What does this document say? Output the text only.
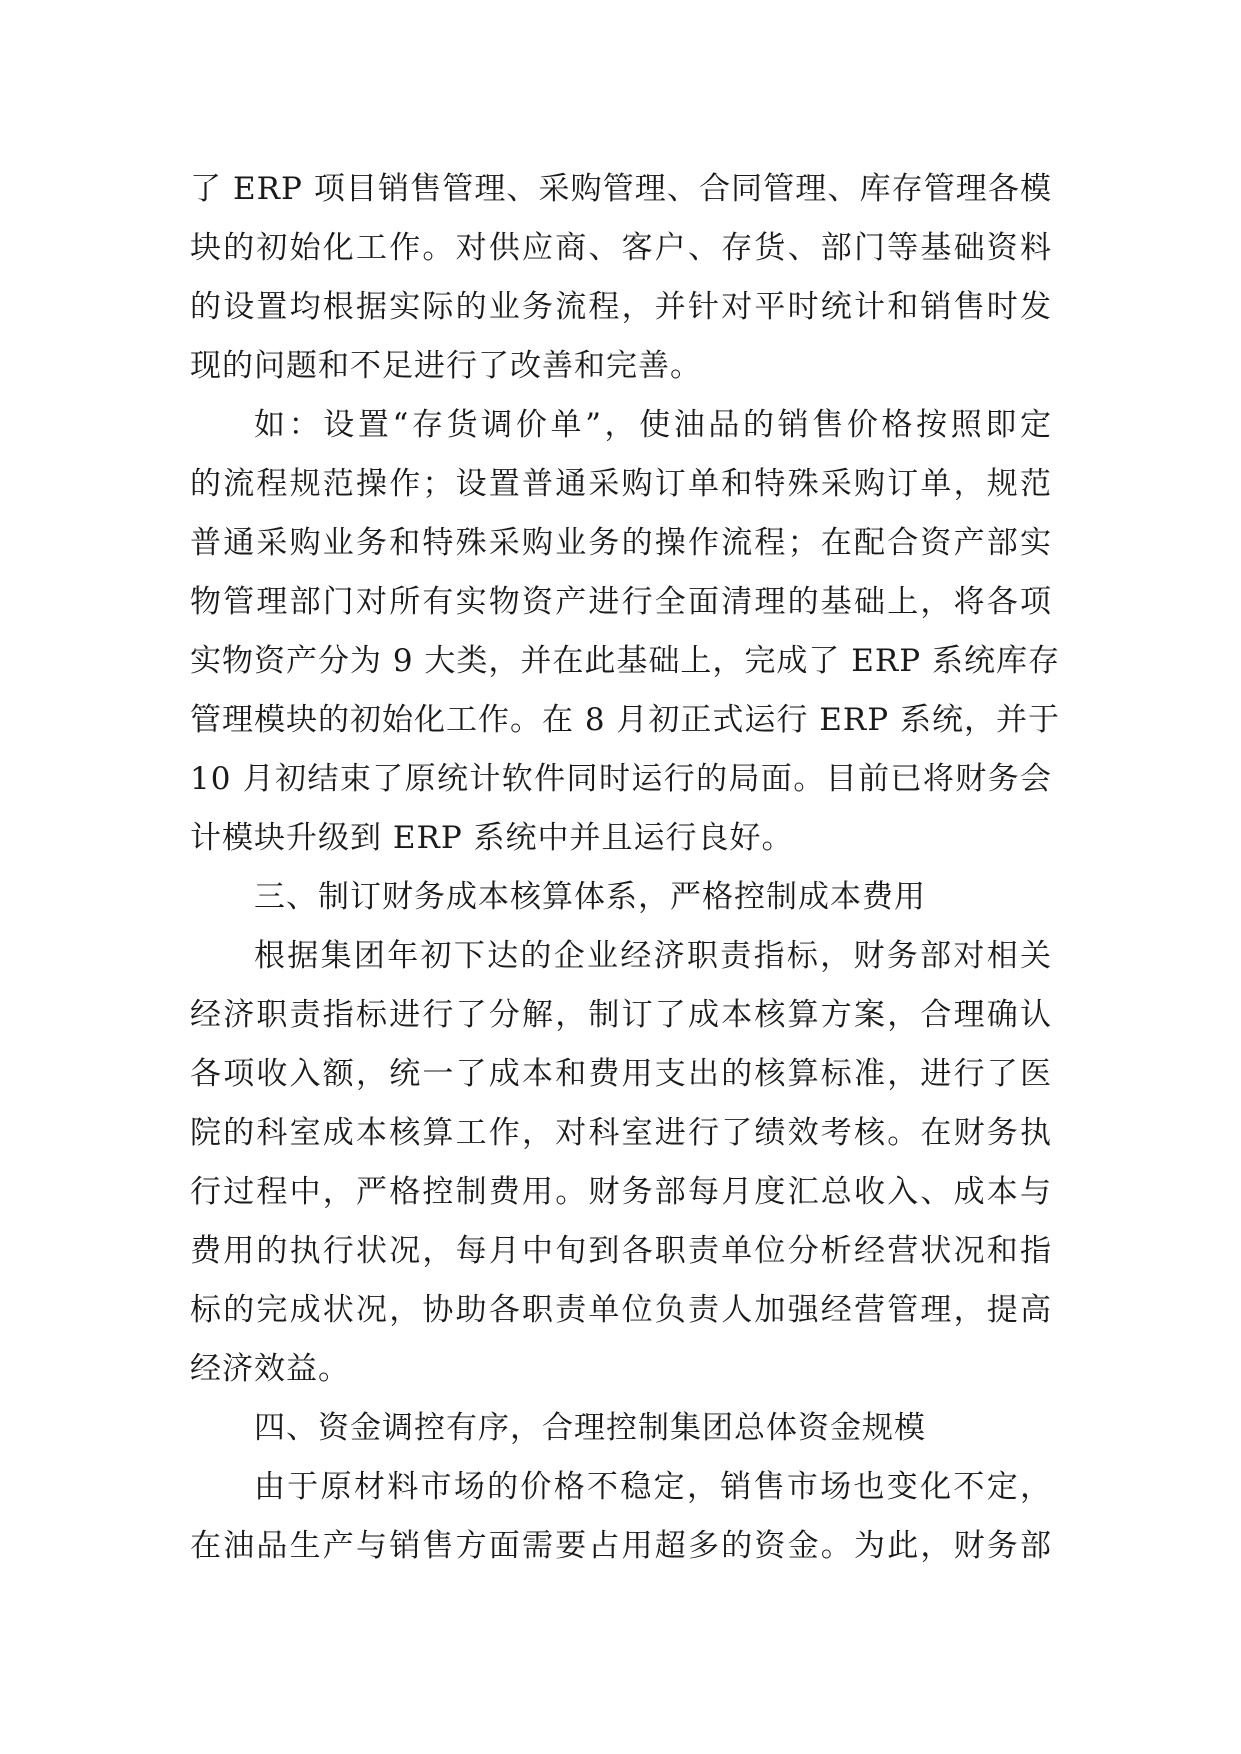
了 ERP 项目销售管理、采购管理、合同管理、库存管理各模
块的初始化工作。对供应商、客户、存货、部门等基础资料
的设置均根据实际的业务流程，并针对平时统计和销售时发
现的问题和不足进行了改善和完善。
如：设置“存货调价单”，使油品的销售价格按照即定
的流程规范操作；设置普通采购订单和特殊采购订单，规范
普通采购业务和特殊采购业务的操作流程；在配合资产部实
物管理部门对所有实物资产进行全面清理的基础上，将各项
实物资产分为 9 大类，并在此基础上，完成了 ERP 系统库存
管理模块的初始化工作。在 8 月初正式运行 ERP 系统，并于
10 月初结束了原统计软件同时运行的局面。目前已将财务会
计模块升级到 ERP 系统中并且运行良好。
三、制订财务成本核算体系，严格控制成本费用
根据集团年初下达的企业经济职责指标，财务部对相关
经济职责指标进行了分解，制订了成本核算方案，合理确认
各项收入额，统一了成本和费用支出的核算标准，进行了医
院的科室成本核算工作，对科室进行了绩效考核。在财务执
行过程中，严格控制费用。财务部每月度汇总收入、成本与
费用的执行状况，每月中旬到各职责单位分析经营状况和指
标的完成状况，协助各职责单位负责人加强经营管理，提高
经济效益。
四、资金调控有序，合理控制集团总体资金规模
由于原材料市场的价格不稳定，销售市场也变化不定，
在油品生产与销售方面需要占用超多的资金。为此，财务部
